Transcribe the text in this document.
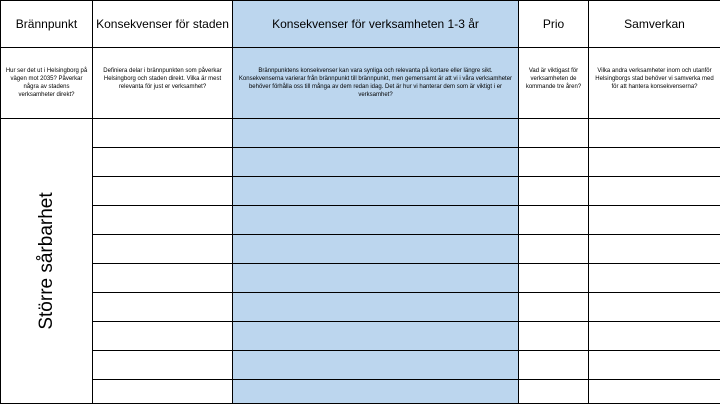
Brännpunkt	Konsekvenser för staden	Konsekvenser för verksamheten 1-3 år	Prio	Samverkan
Hur ser det ut i Helsingborg på vägen mot 2035? Påverkar några av stadens verksamheter direkt?	Definiera delar i brännpunkten som påverkar Helsingborg och staden direkt. Vilka är mest relevanta för just er verksamhet?	Brännpunktens konsekvenser kan vara synliga och relevanta på kortare eller längre sikt. Konsekvenserna varierar från brännpunkt till brännpunkt, men gemensamt är att vi i våra verksamheter behöver förhålla oss till många av dem redan idag. Det är hur vi hanterar dem som är viktigt i er verksamhet?	Vad är viktigast för verksamheten de kommande tre åren?	Vilka andra verksamheter inom och utanför Helsingborgs stad behöver vi samverka med för att hantera konsekvenserna?

Större sårbarhet				
